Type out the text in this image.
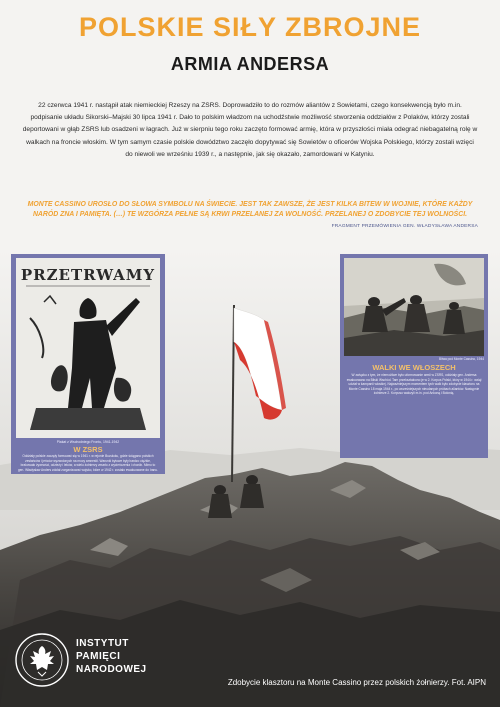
POLSKIE SIŁY ZBROJNE
ARMIA ANDERSA
22 czerwca 1941 r. nastąpił atak niemieckiej Rzeszy na ZSRS. Doprowadziło to do rozmów aliantów z Sowietami, czego konsekwencją było m.in. podpisanie układu Sikorski–Majski 30 lipca 1941 r. Dało to polskim władzom na uchodźstwie możliwość stworzenia oddziałów z Polaków, którzy zostali deportowani w głąb ZSRS lub osadzeni w łagrach. Już w sierpniu tego roku zaczęto formować armię, która w przyszłości miała odegrać niebagatelną rolę w walkach na froncie włoskim. W tym samym czasie polskie dowództwo zaczęło dopytywać się Sowietów o oficerów Wojska Polskiego, którzy zostali wzięci do niewoli we wrześniu 1939 r., a następnie, jak się okazało, zamordowani w Katyniu.
MONTE CASSINO UROSŁO DO SŁOWA SYMBOLU NA ŚWIECIE. JEST TAK ZAWSZE, ŻE JEST KILKA BITEW W WOJNIE, KTÓRE KAŻDY NARÓD ZNA I PAMIĘTA. (…) TE WZGÓRZA PEŁNE SĄ KRWI PRZELANEJ ZA WOLNOŚĆ. PRZELANEJ O ZDOBYCIE TEJ WOLNOŚCI.
FRAGMENT PRZEMÓWIENIA GEN. WŁADYSŁAWA ANDERSA
PRZETRWAMY
Plakat z Wschodniego Frontu, 1941-1942
W ZSRS
Oddziały polskie zaczęły formować się w 1941 r. w rejonie Buzułuku, gdzie ściągano polskich zesłańców i jeńców wyzwolonych na mocy amnestii. Warunki bytowe były bardzo ciężkie, brakowało żywności, odzieży i leków, a wielu żołnierzy zmarło z wycieńczenia i chorób. Mimo to gen. Władysław Anders zdołał zorganizować wojsko, które w 1942 r. zostało ewakuowane do Iranu.
Bitwa pod Monte Cassino, 1944
WALKI WE WŁOSZECH
W związku z tym, że niemożliwe było uformowanie armii w ZSRS, oddziały gen. Andersa ewakuowano na Bliski Wschód. Tam przekształcono je w 2. Korpus Polski, który w 1944 r. wziął udział w kampanii włoskiej. Najważniejszym momentem tych walk było zdobycie klasztoru na Monte Cassino 18 maja 1944 r., po wcześniejszych nieudanych próbach aliantów. Następnie żołnierze 2. Korpusu walczyli m.in. pod Ankoną i Bolonią.
INSTYTUT
PAMIĘCI
NARODOWEJ
Zdobycie klasztoru na Monte Cassino przez polskich żołnierzy. Fot. AIPN
